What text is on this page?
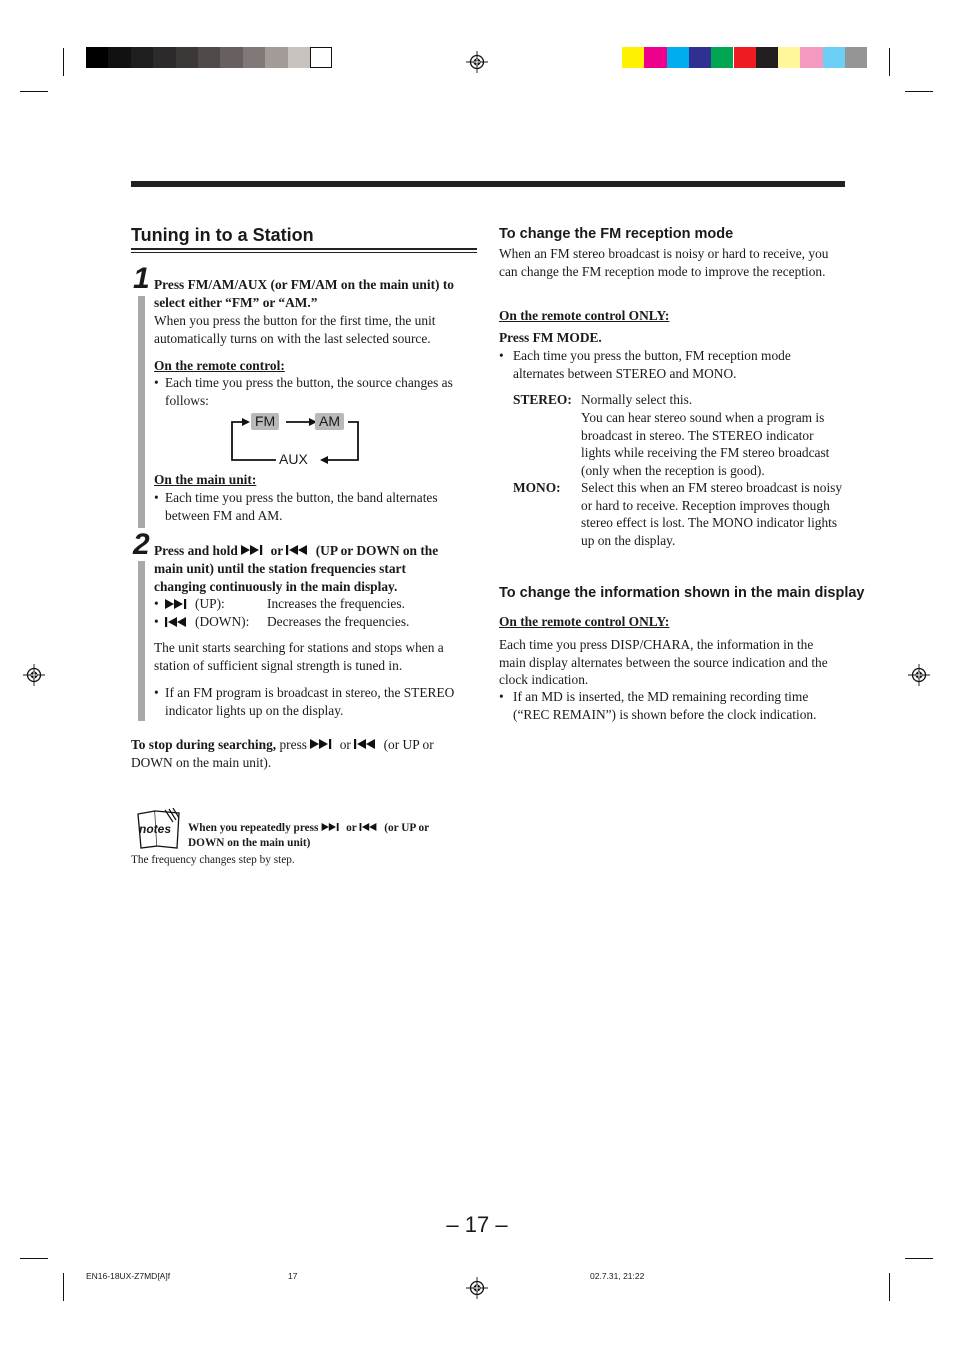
Tuning in to a Station
1 Press FM/AM/AUX (or FM/AM on the main unit) to select either “FM” or “AM.”
When you press the button for the first time, the unit automatically turns on with the last selected source.
On the remote control:
• Each time you press the button, the source changes as follows:
FM	AM
AUX
On the main unit:
• Each time you press the button, the band alternates between FM and AM.
2 Press and hold or (UP or DOWN on the
main unit) until the station frequencies start changing continuously in the main display.
•	(UP):	Increases the frequencies.
•	(DOWN): Decreases the frequencies.
The unit starts searching for stations and stops when a station of sufficient signal strength is tuned in.
• If an FM program is broadcast in stereo, the STEREO indicator lights up on the display.
To stop during searching, press or (or UP or
DOWN on the main unit).
notes When you repeatedly press or (or UP or
DOWN on the main unit)
The frequency changes step by step.
To change the FM reception mode
When an FM stereo broadcast is noisy or hard to receive, you can change the FM reception mode to improve the reception.
On the remote control ONLY:
Press FM MODE.
• Each time you press the button, FM reception mode alternates between STEREO and MONO.
STEREO: Normally select this.
You can hear stereo sound when a program is broadcast in stereo. The STEREO indicator lights while receiving the FM stereo broadcast (only when the reception is good).
MONO: Select this when an FM stereo broadcast is noisy or hard to receive. Reception improves though stereo effect is lost. The MONO indicator lights up on the display.
To change the information shown in the main display
On the remote control ONLY:
Each time you press DISP/CHARA, the information in the main display alternates between the source indication and the clock indication.
• If an MD is inserted, the MD remaining recording time (“REC REMAIN”) is shown before the clock indication.
– 17 –
EN16-18UX-Z7MD[A]f	17	02.7.31, 21:22
